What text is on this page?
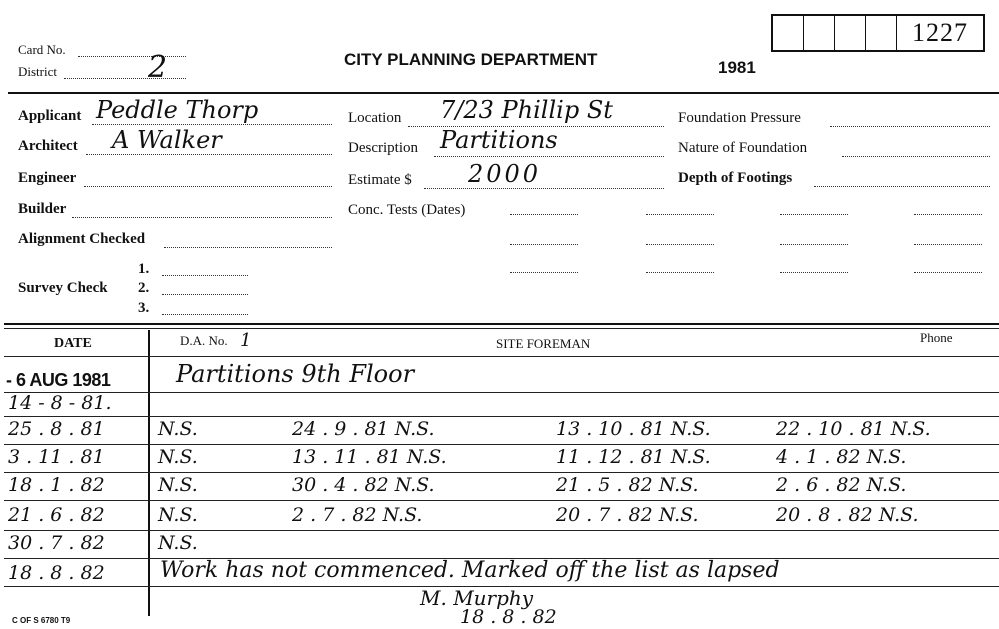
1227
Card No.
District	2	CITY PLANNING DEPARTMENT	1981
Applicant Peddle Thorp
Architect A Walker
Engineer
Builder
Alignment Checked
Survey Check
1.
2.
3.
Location 7/23 Phillip St
Description Partitions
Estimate $ 2000
Conc. Tests (Dates)
Foundation Pressure
Nature of Foundation
Depth of Footings
DATE	D.A. No. 1	SITE FOREMAN	Phone
- 6 AUG 1981	Partitions 9th Floor
14 - 8 - 81.
25 . 8 . 81	N.S.	24 . 9 . 81 N.S.	13 . 10 . 81 N.S.	22 . 10 . 81 N.S.
3 . 11 . 81	N.S.	13 . 11 . 81 N.S.	11 . 12 . 81 N.S.	4 . 1 . 82 N.S.
18 . 1 . 82	N.S.	30 . 4 . 82 N.S.	21 . 5 . 82 N.S.	2 . 6 . 82 N.S.
21 . 6 . 82	N.S.	2 . 7 . 82 N.S.	20 . 7 . 82 N.S.	20 . 8 . 82 N.S.
30 . 7 . 82	N.S.
18 . 8 . 82	Work has not commenced. Marked off the list as lapsed
M. Murphy
18 . 8 . 82
C OF S 6780 T9
